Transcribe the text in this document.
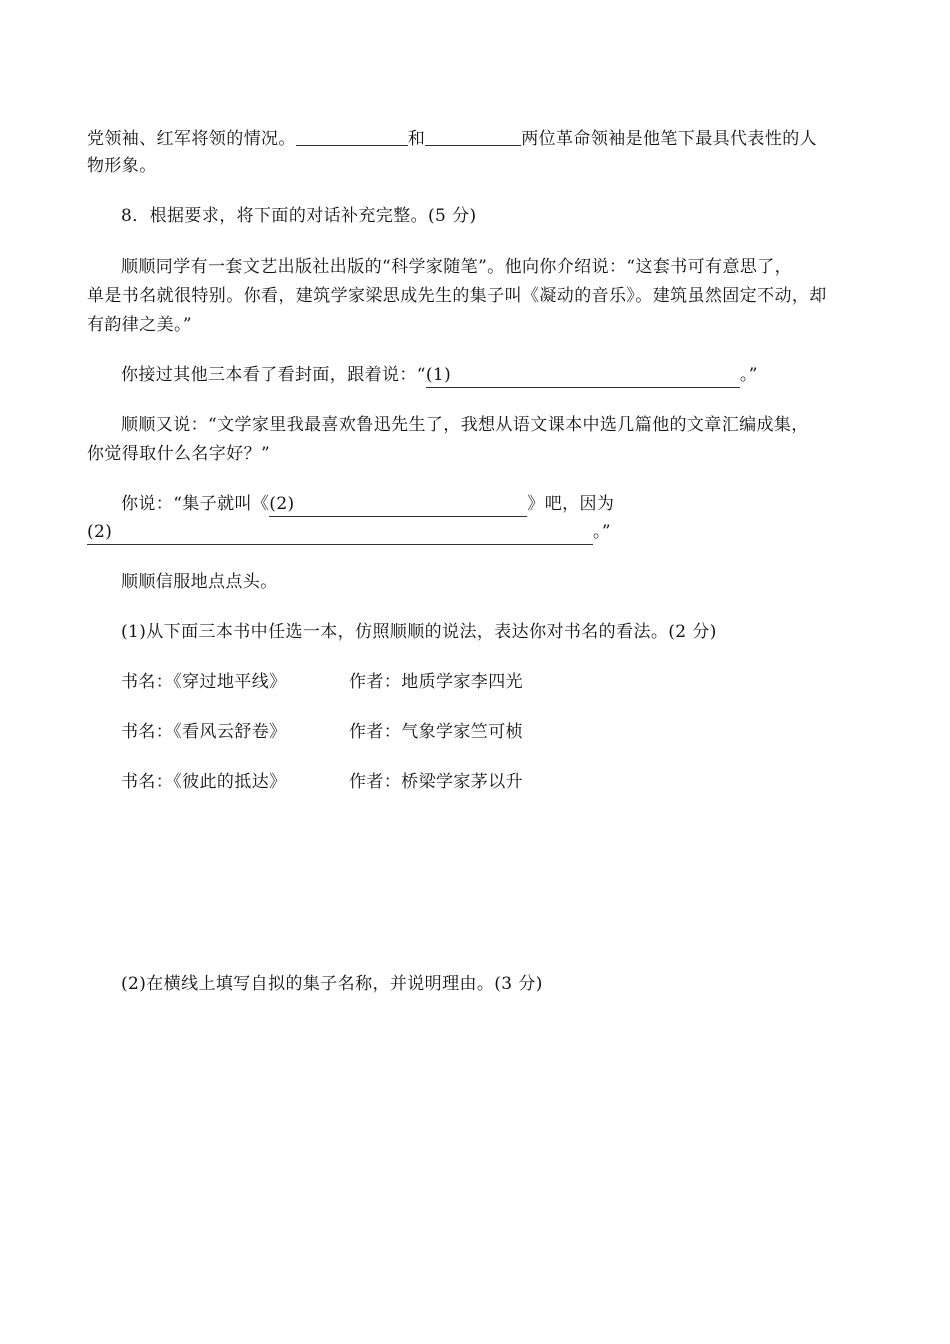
党领袖、红军将领的情况。	和	两位革命领袖是他笔下最具代表性的人
物形象。
8．根据要求，将下面的对话补充完整。(5 分)
顺顺同学有一套文艺出版社出版的“科学家随笔”。他向你介绍说：“这套书可有意思了，
单是书名就很特别。你看，建筑学家梁思成先生的集子叫《凝动的音乐》。建筑虽然固定不动，却
有韵律之美。”
你接过其他三本看了看封面，跟着说：“(1)	。”
顺顺又说：“文学家里我最喜欢鲁迅先生了，我想从语文课本中选几篇他的文章汇编成集，
你觉得取什么名字好？”
你说：“集子就叫《(2)	》吧，因为
(2)	。”
顺顺信服地点点头。
(1)从下面三本书中任选一本，仿照顺顺的说法，表达你对书名的看法。(2 分)
书名：《穿过地平线》	作者：地质学家李四光
书名：《看风云舒卷》	作者：气象学家竺可桢
书名：《彼此的抵达》	作者：桥梁学家茅以升
(2)在横线上填写自拟的集子名称，并说明理由。(3 分)
